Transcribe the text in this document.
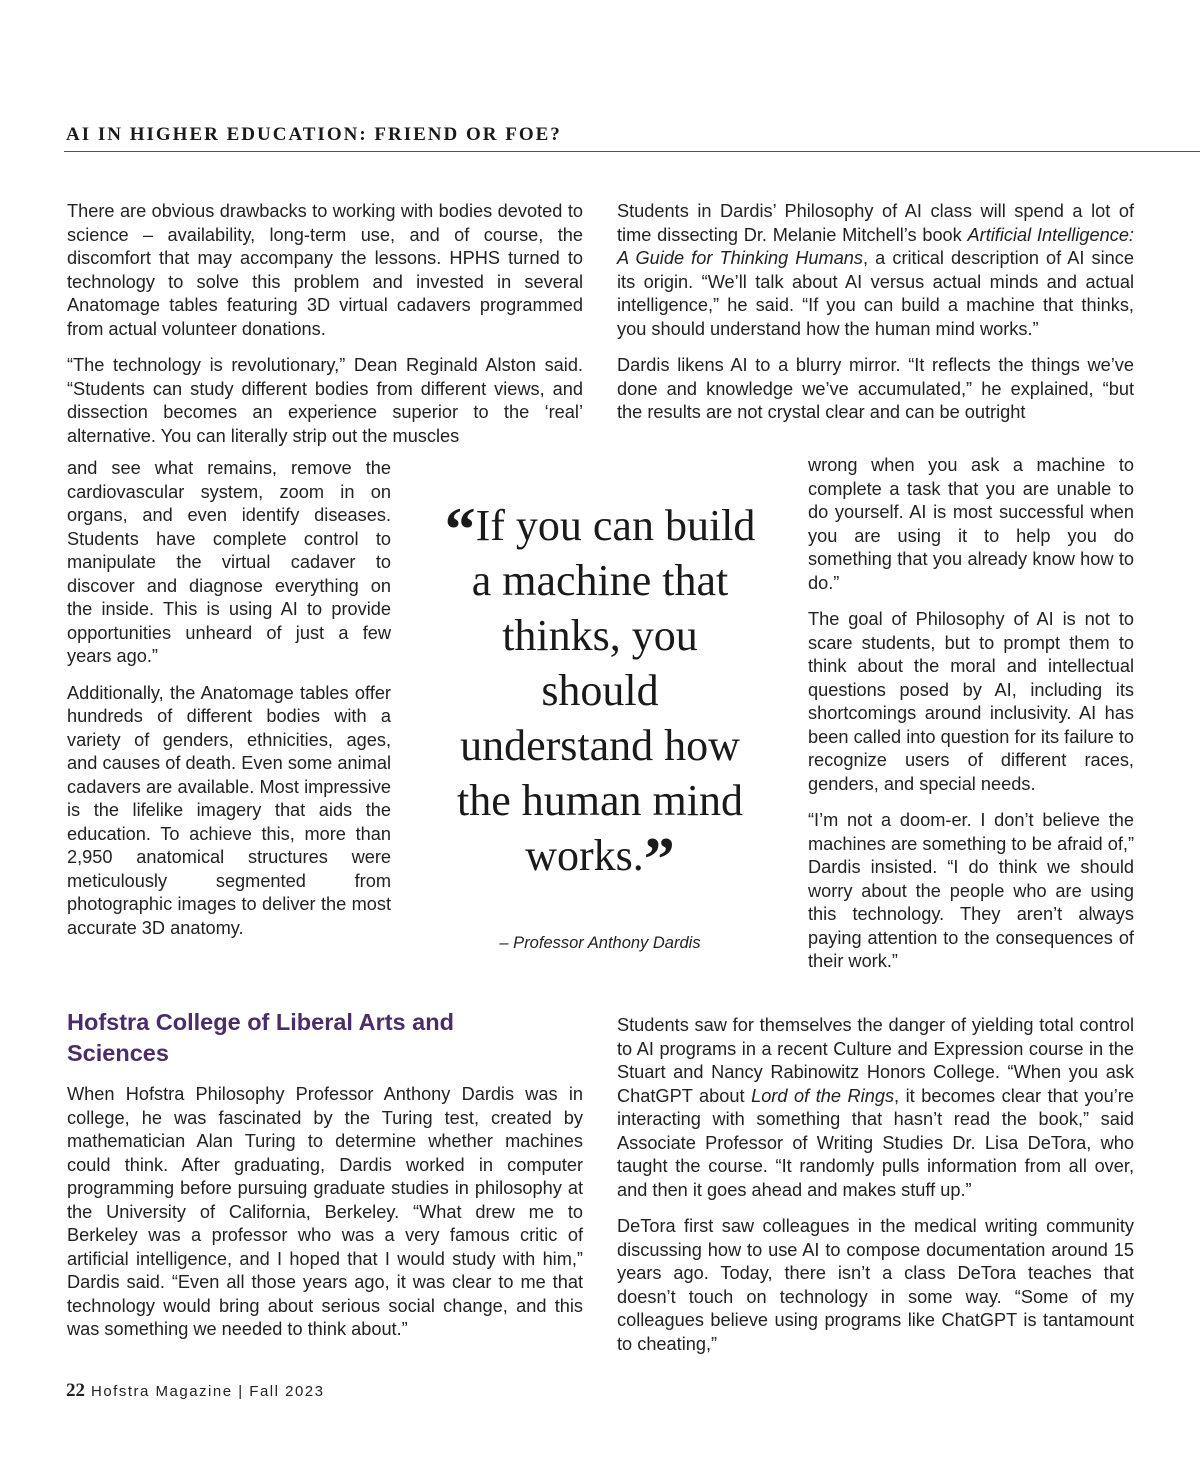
AI IN HIGHER EDUCATION: FRIEND OR FOE?

There are obvious drawbacks to working with bodies devoted to science – availability, long-term use, and of course, the discomfort that may accompany the lessons. HPHS turned to technology to solve this problem and invested in several Anatomage tables featuring 3D virtual cadavers programmed from actual volunteer donations.

“The technology is revolutionary,” Dean Reginald Alston said. “Students can study different bodies from different views, and dissection becomes an experience superior to the ‘real’ alternative. You can literally strip out the muscles

and see what remains, remove the cardiovascular system, zoom in on organs, and even identify diseases. Students have complete control to manipulate the virtual cadaver to discover and diagnose everything on the inside. This is using AI to provide opportunities unheard of just a few years ago.”

Additionally, the Anatomage tables offer hundreds of different bodies with a variety of genders, ethnicities, ages, and causes of death. Even some animal cadavers are available. Most impressive is the lifelike imagery that aids the education. To achieve this, more than 2,950 anatomical structures were meticulously segmented from photographic images to deliver the most accurate 3D anatomy.

“If you can build a machine that thinks, you should understand how the human mind works.”
– Professor Anthony Dardis

Students in Dardis’ Philosophy of AI class will spend a lot of time dissecting Dr. Melanie Mitchell’s book Artificial Intelligence: A Guide for Thinking Humans, a critical description of AI since its origin. “We’ll talk about AI versus actual minds and actual intelligence,” he said. “If you can build a machine that thinks, you should understand how the human mind works.”

Dardis likens AI to a blurry mirror. “It reflects the things we’ve done and knowledge we’ve accumulated,” he explained, “but the results are not crystal clear and can be outright

wrong when you ask a machine to complete a task that you are unable to do yourself. AI is most successful when you are using it to help you do something that you already know how to do.”

The goal of Philosophy of AI is not to scare students, but to prompt them to think about the moral and intellectual questions posed by AI, including its shortcomings around inclusivity. AI has been called into question for its failure to recognize users of different races, genders, and special needs.

“I’m not a doom-er. I don’t believe the machines are something to be afraid of,” Dardis insisted. “I do think we should worry about the people who are using this technology. They aren’t always paying attention to the consequences of their work.”

Hofstra College of Liberal Arts and Sciences

When Hofstra Philosophy Professor Anthony Dardis was in college, he was fascinated by the Turing test, created by mathematician Alan Turing to determine whether machines could think. After graduating, Dardis worked in computer programming before pursuing graduate studies in philosophy at the University of California, Berkeley. “What drew me to Berkeley was a professor who was a very famous critic of artificial intelligence, and I hoped that I would study with him,” Dardis said. “Even all those years ago, it was clear to me that technology would bring about serious social change, and this was something we needed to think about.”

Students saw for themselves the danger of yielding total control to AI programs in a recent Culture and Expression course in the Stuart and Nancy Rabinowitz Honors College. “When you ask ChatGPT about Lord of the Rings, it becomes clear that you’re interacting with something that hasn’t read the book,” said Associate Professor of Writing Studies Dr. Lisa DeTora, who taught the course. “It randomly pulls information from all over, and then it goes ahead and makes stuff up.”

DeTora first saw colleagues in the medical writing community discussing how to use AI to compose documentation around 15 years ago. Today, there isn’t a class DeTora teaches that doesn’t touch on technology in some way. “Some of my colleagues believe using programs like ChatGPT is tantamount to cheating,”

22 Hofstra Magazine | Fall 2023
